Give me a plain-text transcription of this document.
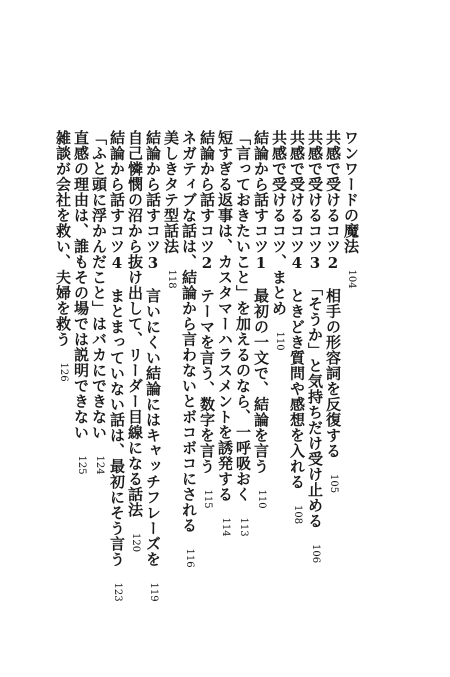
ワンワードの魔法　104
共感で受けるコツ2　相手の形容詞を反復する　105
共感で受けるコツ3　「そうか」と気持ちだけ受け止める　106
共感で受けるコツ4　ときどき質問や感想を入れる　108
共感で受けるコツ、まとめ　110
結論から話すコツ1　最初の一文で、結論を言う　110
「言っておきたいこと」を加えるのなら、一呼吸おく　113
短すぎる返事は、カスタマーハラスメントを誘発する　114
結論から話すコツ2　テーマを言う、数字を言う　115
ネガティブな話は、結論から言わないとボコボコにされる　116
美しきタテ型話法　118
結論から話すコツ3　言いにくい結論にはキャッチフレーズを　119
自己憐憫の沼から抜け出して、リーダー目線になる話法　120
結論から話すコツ4　まとまっていない話は、最初にそう言う　123
「ふと頭に浮かんだこと」はバカにできない　124
直感の理由は、誰もその場では説明できない　125
雑談が会社を救い、夫婦を救う　126
